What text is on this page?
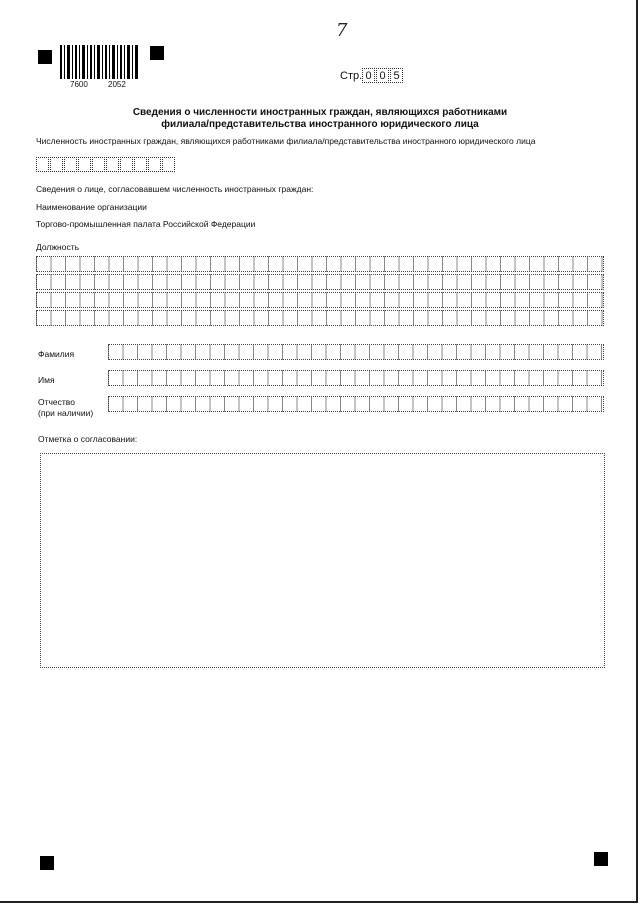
7600	2052
7
Стр. 0 0 5
Сведения о численности иностранных граждан, являющихся работниками
филиала/представительства иностранного юридического лица
Численность иностранных граждан, являющихся работниками филиала/представительства иностранного юридического лица
Сведения о лице, согласовавшем численность иностранных граждан:
Наименование организации
Торгово-промышленная палата Российской Федерации
Должность
Фамилия
Имя
Отчество
(при наличии)
Отметка о согласовании:
